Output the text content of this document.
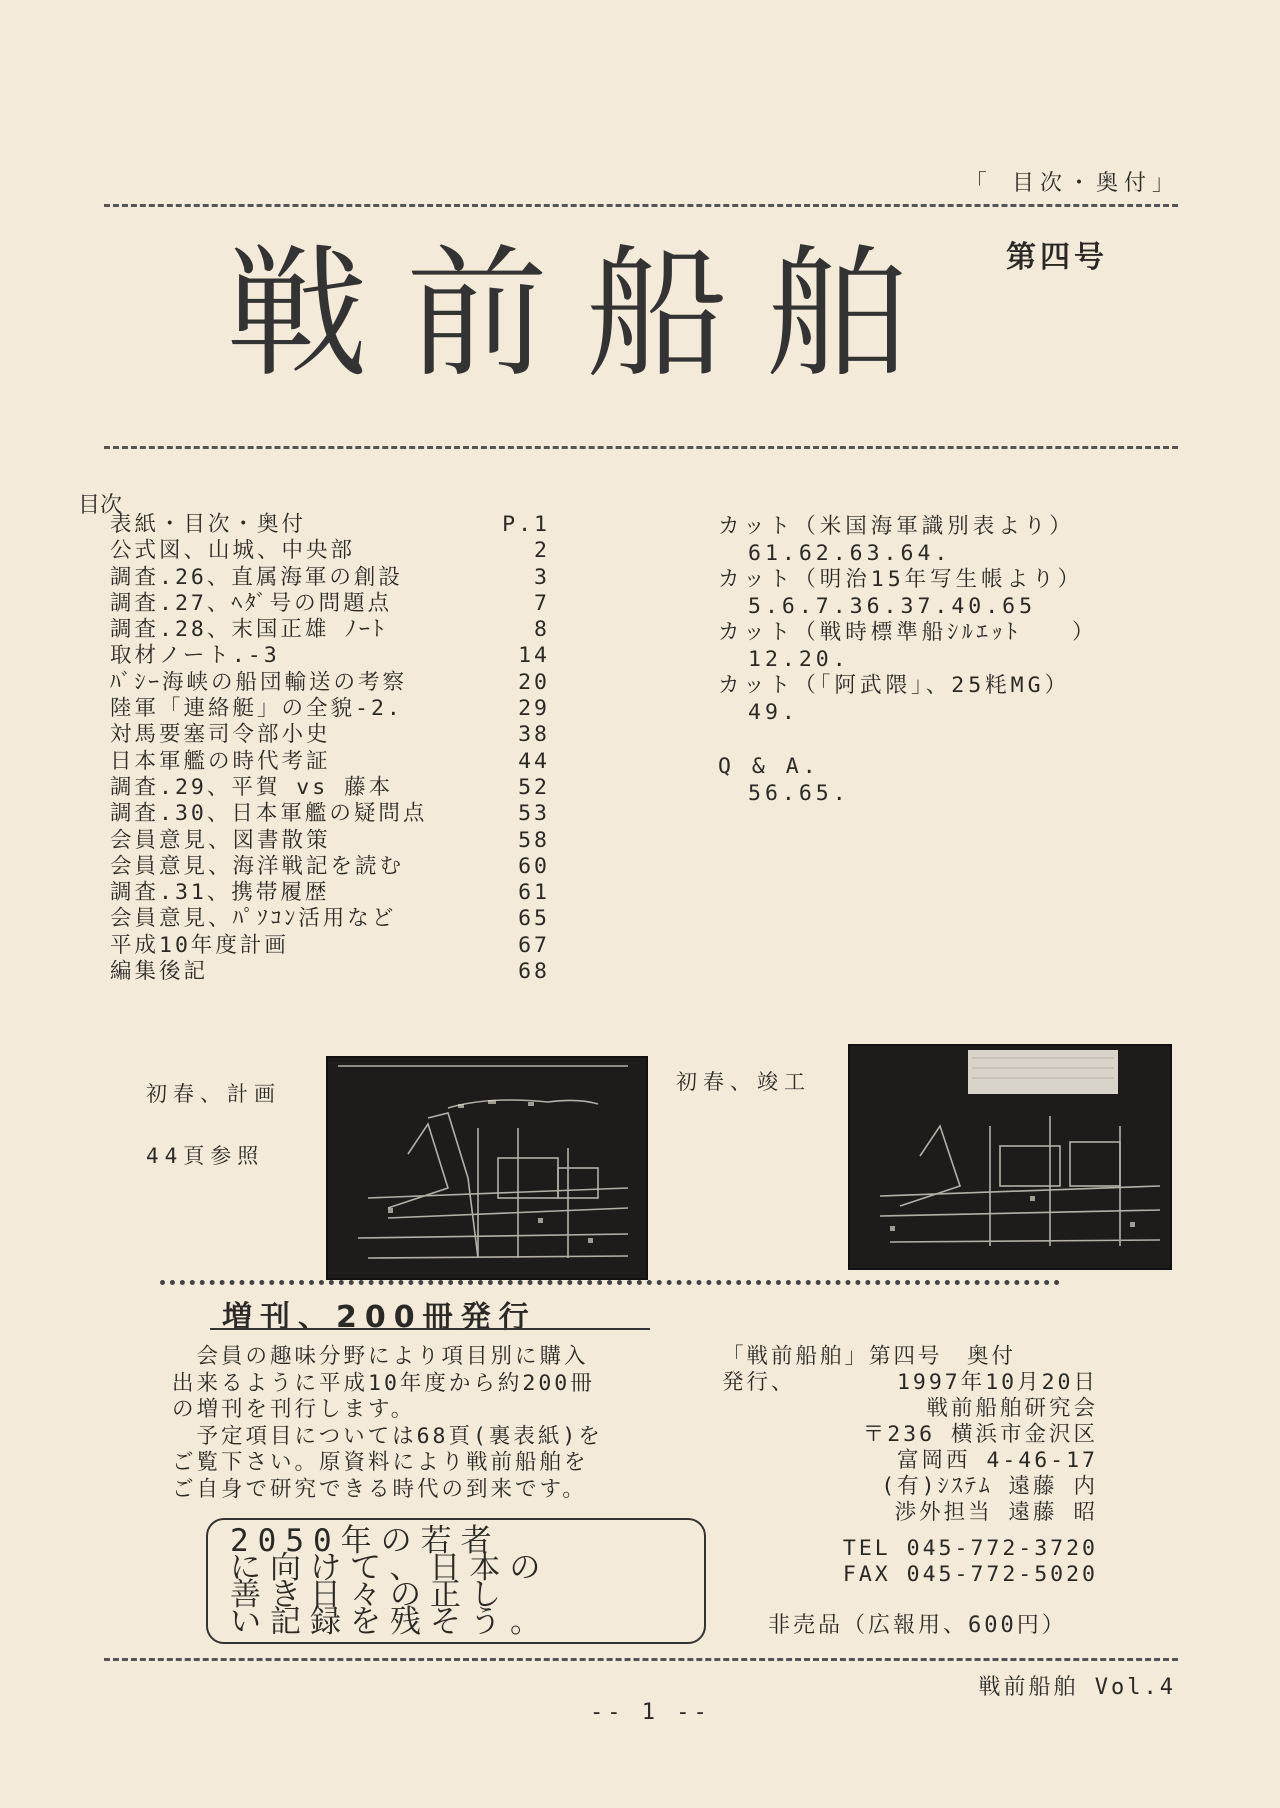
「 目次・奥付」
第四号
戦前船舶
目次
表紙・目次・奥付	P.1
公式図、山城、中央部	2
調査.26、直属海軍の創設	3
調査.27、ﾍﾀﾞ号の問題点	7
調査.28、末国正雄 ﾉｰﾄ	8
取材ノート.-3	14
ﾊﾞｼｰ海峡の船団輸送の考察	20
陸軍「連絡艇」の全貌-2.	29
対馬要塞司令部小史	38
日本軍艦の時代考証	44
調査.29、平賀 vs 藤本	52
調査.30、日本軍艦の疑問点	53
会員意見、図書散策	58
会員意見、海洋戦記を読む	60
調査.31、携帯履歴	61
会員意見、ﾊﾟｿｺﾝ活用など	65
平成10年度計画	67
編集後記	68
カット（米国海軍識別表より）
61.62.63.64.
カット（明治15年写生帳より）
5.6.7.36.37.40.65
カット（戦時標準船ｼﾙｴｯﾄ　　）
12.20.
カット（「阿武隈」、25粍MG）
49.
Q & A.
56.65.
初春、計画
44頁参照
初春、竣工
増刊、200冊発行
　会員の趣味分野により項目別に購入
出来るように平成10年度から約200冊
の増刊を刊行します。
　予定項目については68頁(裏表紙)を
ご覧下さい。原資料により戦前船舶を
ご自身で研究できる時代の到来です。
2050年の若者
に向けて、日本の
善き日々の正し
い記録を残そう。
「戦前船舶」第四号　奥付
発行、	1997年10月20日
戦前船舶研究会
〒236 横浜市金沢区
富岡西 4-46-17
(有)ｼｽﾃﾑ 遠藤 内
渉外担当 遠藤 昭
TEL 045-772-3720
FAX 045-772-5020
非売品（広報用、600円）
戦前船舶 Vol.4
-- 1 --
